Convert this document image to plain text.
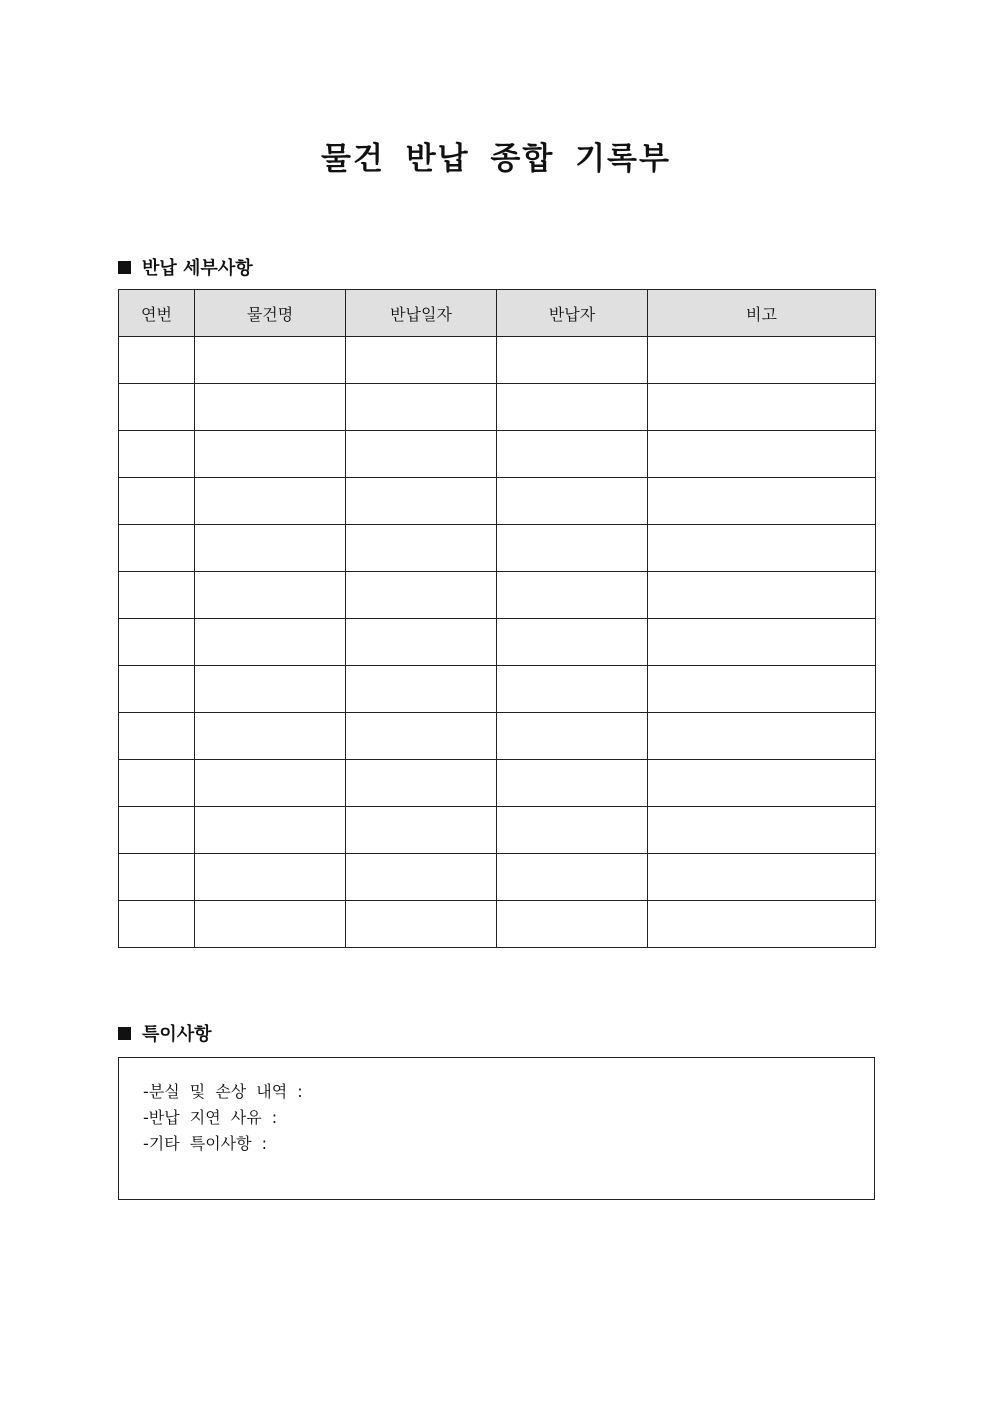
물건 반납 종합 기록부
반납 세부사항
연번	물건명	반납일자	반납자	비고

특이사항
-분실 및 손상 내역 :
-반납 지연 사유 :
-기타 특이사항 :
